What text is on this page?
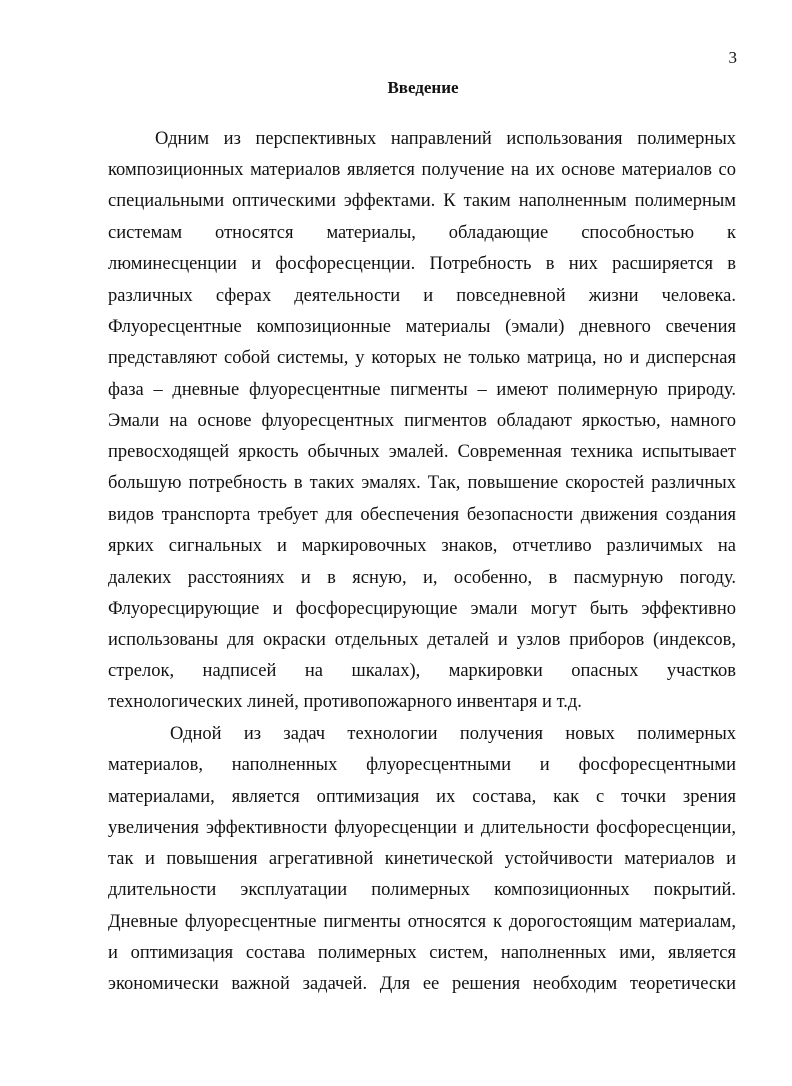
3
Введение
Одним из перспективных направлений использования полимерных
композиционных материалов является получение на их основе материалов со
специальными оптическими эффектами. К таким наполненным полимерным
системам относятся материалы, обладающие способностью к
люминесценции и фосфоресценции. Потребность в них расширяется в
различных сферах деятельности и повседневной жизни человека.
Флуоресцентные композиционные материалы (эмали) дневного свечения
представляют собой системы, у которых не только матрица, но и дисперсная
фаза – дневные флуоресцентные пигменты – имеют полимерную природу.
Эмали на основе флуоресцентных пигментов обладают яркостью, намного
превосходящей яркость обычных эмалей. Современная техника испытывает
большую потребность в таких эмалях. Так, повышение скоростей различных
видов транспорта требует для обеспечения безопасности движения создания
ярких сигнальных и маркировочных знаков, отчетливо различимых на
далеких расстояниях и в ясную, и, особенно, в пасмурную погоду.
Флуоресцирующие и фосфоресцирующие эмали могут быть эффективно
использованы для окраски отдельных деталей и узлов приборов (индексов,
стрелок, надписей на шкалах), маркировки опасных участков
технологических линей, противопожарного инвентаря и т.д.
Одной из задач технологии получения новых полимерных
материалов, наполненных флуоресцентными и фосфоресцентными
материалами, является оптимизация их состава, как с точки зрения
увеличения эффективности флуоресценции и длительности фосфоресценции,
так и повышения агрегативной кинетической устойчивости материалов и
длительности эксплуатации полимерных композиционных покрытий.
Дневные флуоресцентные пигменты относятся к дорогостоящим материалам,
и оптимизация состава полимерных систем, наполненных ими, является
экономически важной задачей. Для ее решения необходим теоретически
